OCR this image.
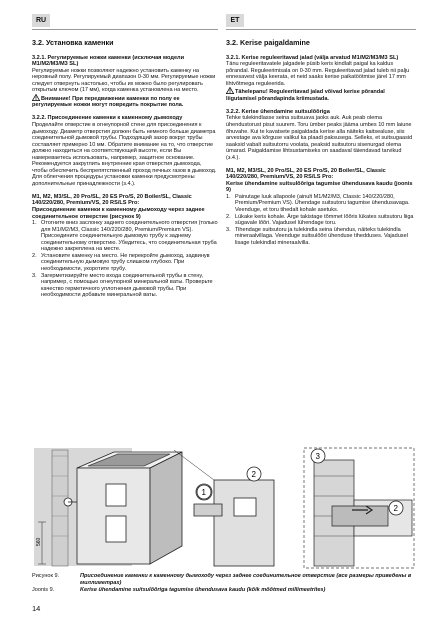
RU	ET
3.2. Установка каменки
3.2.1. Регулируемые ножки каменки (исключая модели M1/M2/M3/M3 SL)

Регулируемые ножки позволяют надежно установить каменку на неровный полу. Регулируемый диапазон 0-30 мм. Регулируемые ножки следует отвернуть настолько, чтобы их можно было регулировать открытым ключом (17 мм), когда каменка установлена на место.

Внимание! При передвижении каменки по полу ее регулируемые ножки могут повредить покрытие пола.

3.2.2. Присоединение каменки к каменному дымоходу

Проделайте отверстие в огнеупорной стене для присоединения к дымоходу. Диаметр отверстия должен быть немного больше диаметра соединительной дымовой трубы. Подходящий зазор вокруг трубы составляет примерно 10 мм. Обратите внимание на то, что отверстие должно находиться на соответствующей высоте, если Вы намереваетесь использовать, например, защитное основание. Рекомендуется закруглить внутренние края отверстия дымохода, чтобы обеспечить беспрепятственный проход печных газов в дымоход. Для облегчения процедуры установки каменки предусмотрены дополнительные принадлежности (з.4.).

M1, M2, M3/SL, 20 Pro/SL, 20 ES Pro/S, 20 Boiler/SL, Classic 140/220/280, Premium/VS, 20 RS/LS Pro:
Присоединение каменки к каменному дымоходу через заднее соединительное отверстие (рисунок 9)
1. Отогните вниз заслонку заднего соединительного отверстия (только для M1/M2/M3, Classic 140/220/280, Premium/Premium VS). Присоедините соединительную дымовую трубу к заднему соединительному отверстию. Убедитесь, что соединительная труба надежно закреплена на месте.
2. Установите каменку на место. Не перекройте дымоход, задвинув соединительную дымовую трубу слишком глубоко. При необходимости, укоротите трубу.
3. Загерметизируйте место входа соединительной трубы в стену, например, с помощью огнеупорной минеральной ваты. Проверьте качество герметичного уплотнения дымовой трубы. При необходимости добавьте минеральной ваты.
3.2. Kerise paigaldamine
3.2.1. Kerise reguleeritavad jalad (välja arvatud M1/M2/M3/M3 SL)

Tänu reguleeritavatele jalgadele püsib keris kindlalt paigal ka kaldus põrandal. Reguleerimisala on 0-30 mm. Reguleeritavad jalad tuleb nii palju ennesavest välja keerata, et neid saaks kerise paikatöötmise järel 17 mm lihtvõtmega reguleerida.

Tähelepanu! Reguleeritavad jalad võivad kerise põrandal liigutamisel põrandapinda kriimustada.

3.2.2. Kerise ühendamine suitsulõõriga

Tehke tulekindlasse seina suitsuava jaoks auk. Auk peab olema ühendustorust pisut suurem. Toru ümber peaks jääma umbes 10 mm laiune õhuvahe. Kui te kavatsete paigaldada kerise alla näiteks kaitsealuse, siis arvestage ava kõrguse valikul ka plaadi paksusega. Selleks, et suitsugaasid saaksid vabalt suitsutorru voolata, peaksid suitsutoru sisenurgad olema ümarad. Paigaldamise lihtsustamiseks on saadaval täiendavad tarvikud (з.4.).

M1, M2, M3/SL, 20 Pro/SL, 20 ES Pro/S, 20 Boiler/SL, Classic 140/220/280, Premium/VS, 20 RS/LS Pro:
Kerise ühendamine suitsulõõriga tagumise ühendusava kaudu (joonis 9)
1. Painutage luuk allapoole (ainult M1/M2/M3, Classic 140/220/280, Premium/Premium VS). Ühendage suitsutoru tagumise ühendusavaga. Veenduge, et toru tihedalt kohale asetuks.
2. Lükake keris kohale. Ärge takistage tõmmet lõõris lükates suitsutoru liiga sügavale lõõri. Vajadusel lühendage toru.
3. Tihendage suitsutoru ja tulekindla seina ühendus, näiteks tulekindla mineraalvillaga. Veenduge suitsulõõri ühenduse tihedduses. Vajadusel lisage tulekindlat mineraalvilla.
560
1
2
3
2
Рисунок 9.	Присоединение каменки к каменному дымоходу через заднее соединительное отверстие (все размеры приведены в миллиметрах)
Joonis 9.	Kerise ühendamine suitsulõõriga tagumise ühendusava kaudu (kõik mõõtmed millimeetrites)
14
